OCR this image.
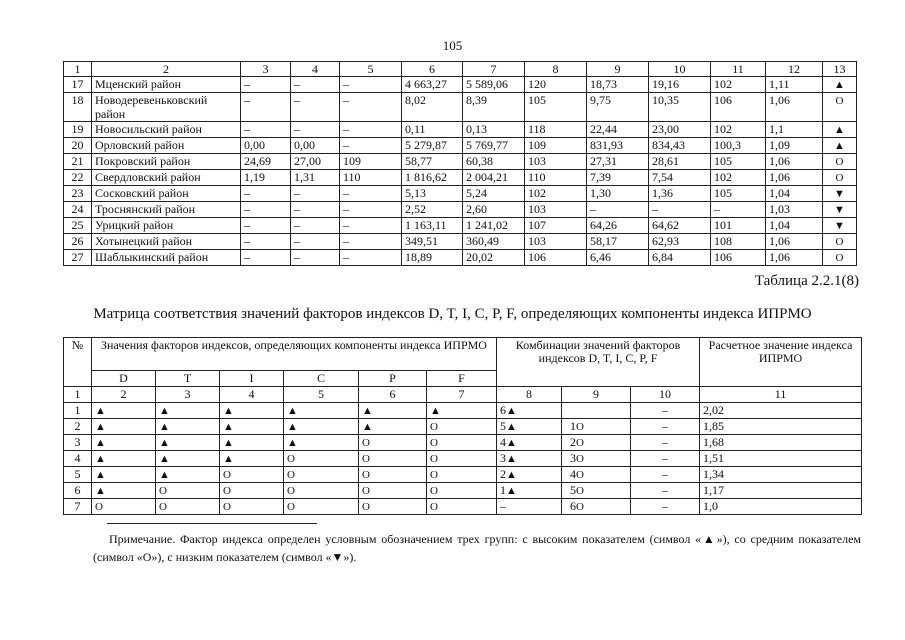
105
1	2	3	4	5	6	7	8	9	10	11	12	13
17	Мценский район	–	–	–	4 663,27	5 589,06	120	18,73	19,16	102	1,11	▲
18	Новодеревеньковский район	–	–	–	8,02	8,39	105	9,75	10,35	106	1,06	O
19	Новосильский район	–	–	–	0,11	0,13	118	22,44	23,00	102	1,1	▲
20	Орловский район	0,00	0,00	–	5 279,87	5 769,77	109	831,93	834,43	100,3	1,09	▲
21	Покровский район	24,69	27,00	109	58,77	60,38	103	27,31	28,61	105	1,06	O
22	Свердловский район	1,19	1,31	110	1 816,62	2 004,21	110	7,39	7,54	102	1,06	O
23	Сосковский район	–	–	–	5,13	5,24	102	1,30	1,36	105	1,04	▼
24	Троснянский район	–	–	–	2,52	2,60	103	–	–	–	1,03	▼
25	Урицкий район	–	–	–	1 163,11	1 241,02	107	64,26	64,62	101	1,04	▼
26	Хотынецкий район	–	–	–	349,51	360,49	103	58,17	62,93	108	1,06	O
27	Шаблыкинский район	–	–	–	18,89	20,02	106	6,46	6,84	106	1,06	O
Таблица 2.2.1(8)
Матрица соответствия значений факторов индексов D, T, I, C, P, F, определяющих компоненты индекса ИПРМО
№	Значения факторов индексов, определяющих компоненты индекса ИПРМО						Комбинации значений факторов индексов D, T, I, C, P, F			Расчетное значение индекса ИПРМО
	D	T	I	C	P	F				
1	2	3	4	5	6	7	8	9	10	11
1	▲	▲	▲	▲	▲	▲	6▲		–	2,02
2	▲	▲	▲	▲	▲	O	5▲	1O	–	1,85
3	▲	▲	▲	▲	O	O	4▲	2O	–	1,68
4	▲	▲	▲	O	O	O	3▲	3O	–	1,51
5	▲	▲	O	O	O	O	2▲	4O	–	1,34
6	▲	O	O	O	O	O	1▲	5O	–	1,17
7	O	O	O	O	O	O	–	6O	–	1,0
Примечание. Фактор индекса определен условным обозначением трех групп: с высоким показателем (символ «▲»), со средним показателем (символ «О»), с низким показателем (символ «▼»).
